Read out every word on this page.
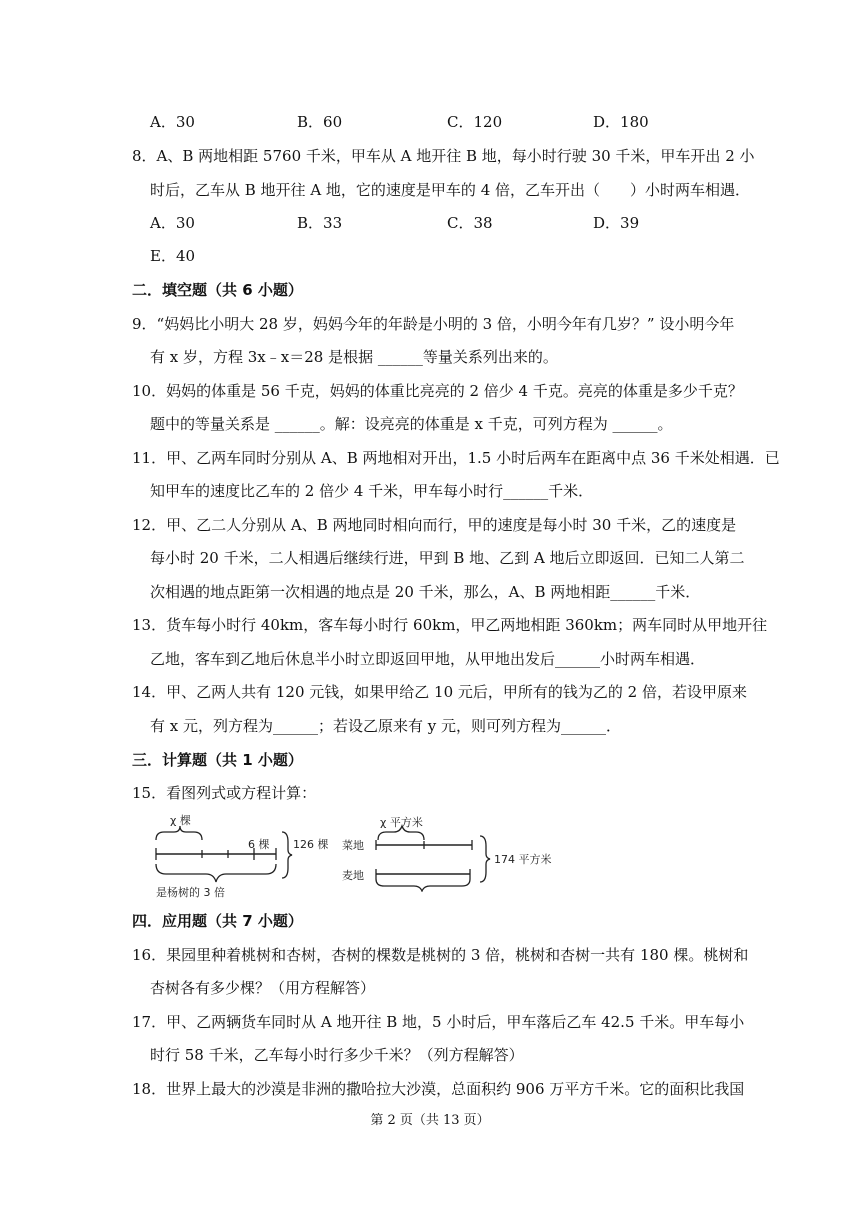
A．30	B．60	C．120	D．180
8．A、B 两地相距 5760 千米，甲车从 A 地开往 B 地，每小时行驶 30 千米，甲车开出 2 小
时后，乙车从 B 地开往 A 地，它的速度是甲车的 4 倍，乙车开出（　　）小时两车相遇．
A．30	B．33	C．38	D．39
E．40
二．填空题（共 6 小题）
9．“妈妈比小明大 28 岁，妈妈今年的年龄是小明的 3 倍，小明今年有几岁？” 设小明今年
有 x 岁，方程 3x﹣x＝28 是根据 ______等量关系列出来的。
10．妈妈的体重是 56 千克，妈妈的体重比亮亮的 2 倍少 4 千克。亮亮的体重是多少千克？
题中的等量关系是 ______。解：设亮亮的体重是 x 千克，可列方程为 ______。
11．甲、乙两车同时分别从 A、B 两地相对开出，1.5 小时后两车在距离中点 36 千米处相遇．已
知甲车的速度比乙车的 2 倍少 4 千米，甲车每小时行______千米．
12．甲、乙二人分别从 A、B 两地同时相向而行，甲的速度是每小时 30 千米，乙的速度是
每小时 20 千米，二人相遇后继续行进，甲到 B 地、乙到 A 地后立即返回．已知二人第二
次相遇的地点距第一次相遇的地点是 20 千米，那么，A、B 两地相距______千米．
13．货车每小时行 40km，客车每小时行 60km，甲乙两地相距 360km；两车同时从甲地开往
乙地，客车到乙地后休息半小时立即返回甲地，从甲地出发后______小时两车相遇．
14．甲、乙两人共有 120 元钱，如果甲给乙 10 元后，甲所有的钱为乙的 2 倍，若设甲原来
有 x 元，列方程为______；若设乙原来有 y 元，则可列方程为______．
三．计算题（共 1 小题）
15．看图列式或方程计算：
χ 棵
6 棵 126 棵
是杨树的 3 倍
χ 平方米
菜地
麦地
174 平方米
四．应用题（共 7 小题）
16．果园里种着桃树和杏树，杏树的棵数是桃树的 3 倍，桃树和杏树一共有 180 棵。桃树和
杏树各有多少棵？（用方程解答）
17．甲、乙两辆货车同时从 A 地开往 B 地，5 小时后，甲车落后乙车 42.5 千米。甲车每小
时行 58 千米，乙车每小时行多少千米？（列方程解答）
18．世界上最大的沙漠是非洲的撒哈拉大沙漠，总面积约 906 万平方千米。它的面积比我国
第 2 页（共 13 页）
